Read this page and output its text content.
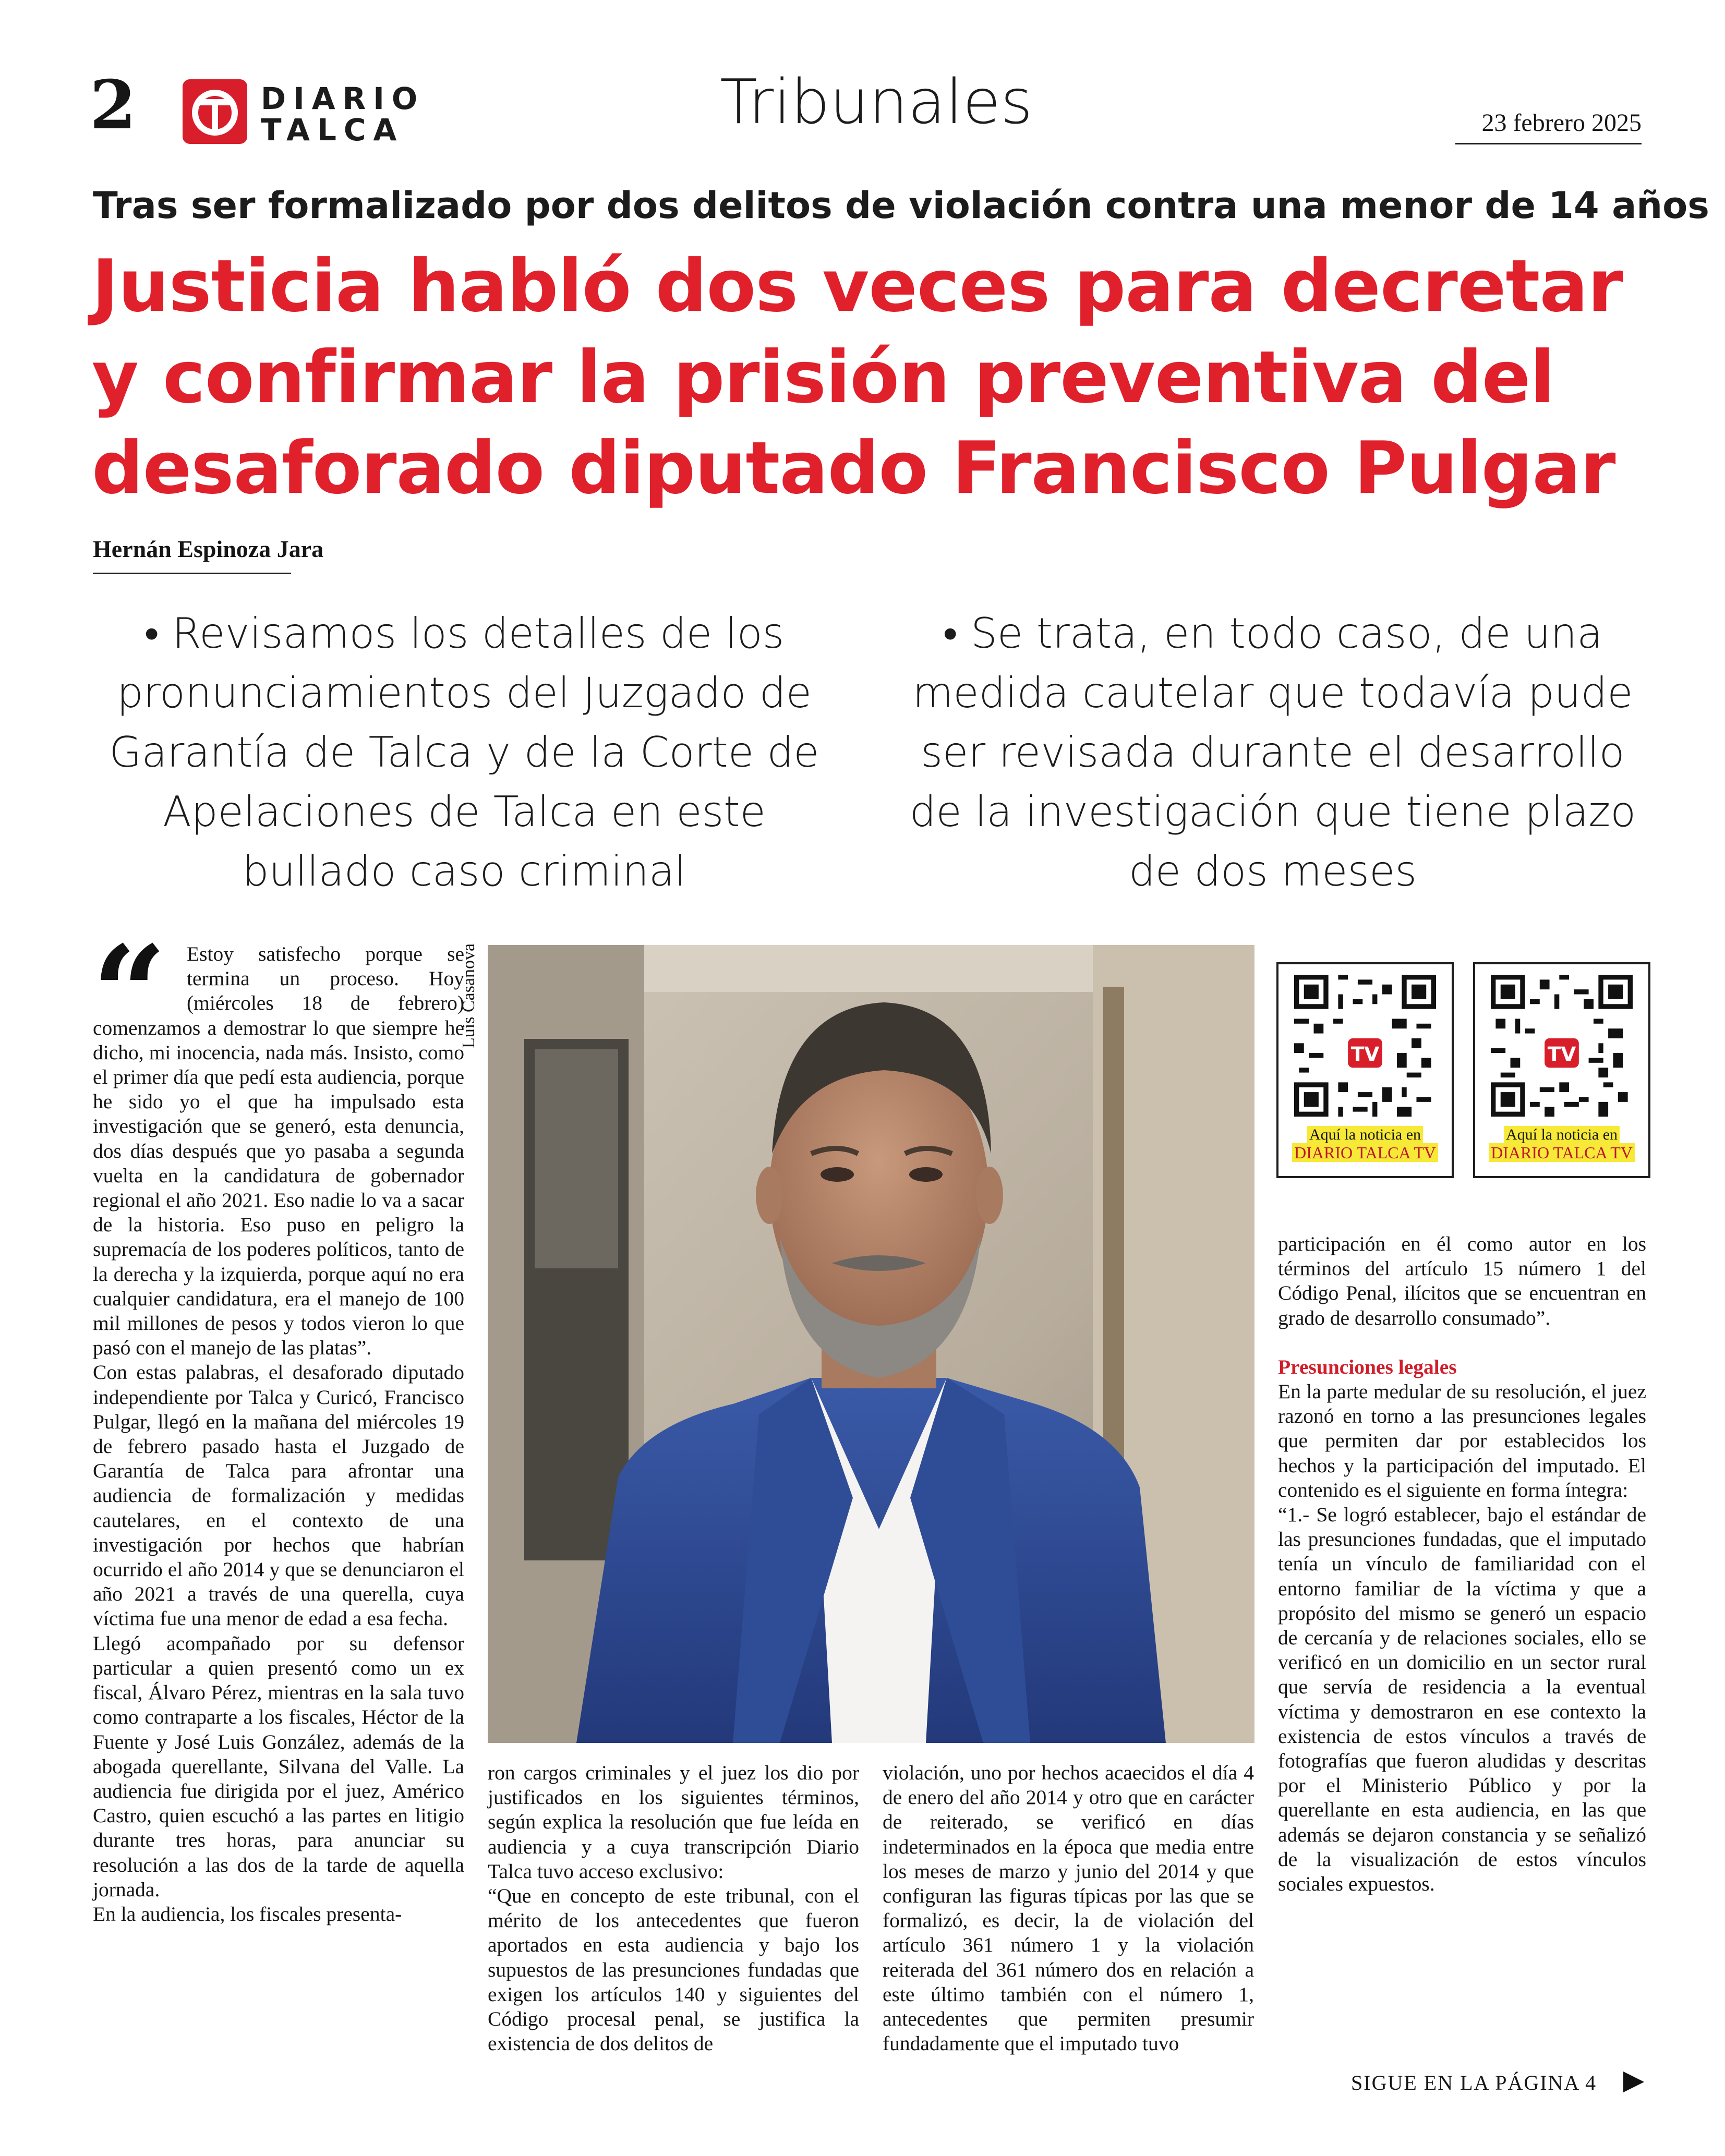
2	DIARIO
TALCA	Tribunales	23 febrero 2025
Tras ser formalizado por dos delitos de violación contra una menor de 14 años
Justicia habló dos veces para decretar y confirmar la prisión preventiva del desaforado diputado Francisco Pulgar
Hernán Espinoza Jara
• Revisamos los detalles de los pronunciamientos del Juzgado de Garantía de Talca y de la Corte de Apelaciones de Talca en este bullado caso criminal
• Se trata, en todo caso, de una medida cautelar que todavía pude ser revisada durante el desarrollo de la investigación que tiene plazo de dos meses
“ Estoy satisfecho porque se termina un proceso. Hoy (miércoles 18 de febrero) comenzamos a demostrar lo que siempre he dicho, mi inocencia, nada más. Insisto, como el primer día que pedí esta audiencia, porque he sido yo el que ha impulsado esta investigación que se generó, esta denuncia, dos días después que yo pasaba a segunda vuelta en la candidatura de gobernador regional el año 2021. Eso nadie lo va a sacar de la historia. Eso puso en peligro la supremacía de los poderes políticos, tanto de la derecha y la izquierda, porque aquí no era cualquier candidatura, era el manejo de 100 mil millones de pesos y todos vieron lo que pasó con el manejo de las platas”.

Con estas palabras, el desaforado diputado independiente por Talca y Curicó, Francisco Pulgar, llegó en la mañana del miércoles 19 de febrero pasado hasta el Juzgado de Garantía de Talca para afrontar una audiencia de formalización y medidas cautelares, en el contexto de una investigación por hechos que habrían ocurrido el año 2014 y que se denunciaron el año 2021 a través de una querella, cuya víctima fue una menor de edad a esa fecha.

Llegó acompañado por su defensor particular a quien presentó como un ex fiscal, Álvaro Pérez, mientras en la sala tuvo como contraparte a los fiscales, Héctor de la Fuente y José Luis González, además de la abogada querellante, Silvana del Valle. La audiencia fue dirigida por el juez, Américo Castro, quien escuchó a las partes en litigio durante tres horas, para anunciar su resolución a las dos de la tarde de aquella jornada.

En la audiencia, los fiscales presenta-

Luis Casanova

ron cargos criminales y el juez los dio por justificados en los siguientes términos, según explica la resolución que fue leída en audiencia y a cuya transcripción Diario Talca tuvo acceso exclusivo:

“Que en concepto de este tribunal, con el mérito de los antecedentes que fueron aportados en esta audiencia y bajo los supuestos de las presunciones fundadas que exigen los artículos 140 y siguientes del Código procesal penal, se justifica la existencia de dos delitos de

violación, uno por hechos acaecidos el día 4 de enero del año 2014 y otro que en carácter de reiterado, se verificó en días indeterminados en la época que media entre los meses de marzo y junio del 2014 y que configuran las figuras típicas por las que se formalizó, es decir, la de violación del artículo 361 número 1 y la violación reiterada del 361 número dos en relación a este último también con el número 1, antecedentes que permiten presumir fundadamente que el imputado tuvo

TV
Aquí la noticia en
DIARIO TALCA TV
TV
Aquí la noticia en
DIARIO TALCA TV

participación en él como autor en los términos del artículo 15 número 1 del Código Penal, ilícitos que se encuentran en grado de desarrollo consumado”.

Presunciones legales

En la parte medular de su resolución, el juez razonó en torno a las presunciones legales que permiten dar por establecidos los hechos y la participación del imputado. El contenido es el siguiente en forma íntegra:

“1.- Se logró establecer, bajo el estándar de las presunciones fundadas, que el imputado tenía un vínculo de familiaridad con el entorno familiar de la víctima y que a propósito del mismo se generó un espacio de cercanía y de relaciones sociales, ello se verificó en un domicilio en un sector rural que servía de residencia a la eventual víctima y demostraron en ese contexto la existencia de estos vínculos a través de fotografías que fueron aludidas y descritas por el Ministerio Público y por la querellante en esta audiencia, en las que además se dejaron constancia y se señalizó de la visualización de estos vínculos sociales expuestos.

SIGUE EN LA PÁGINA 4
